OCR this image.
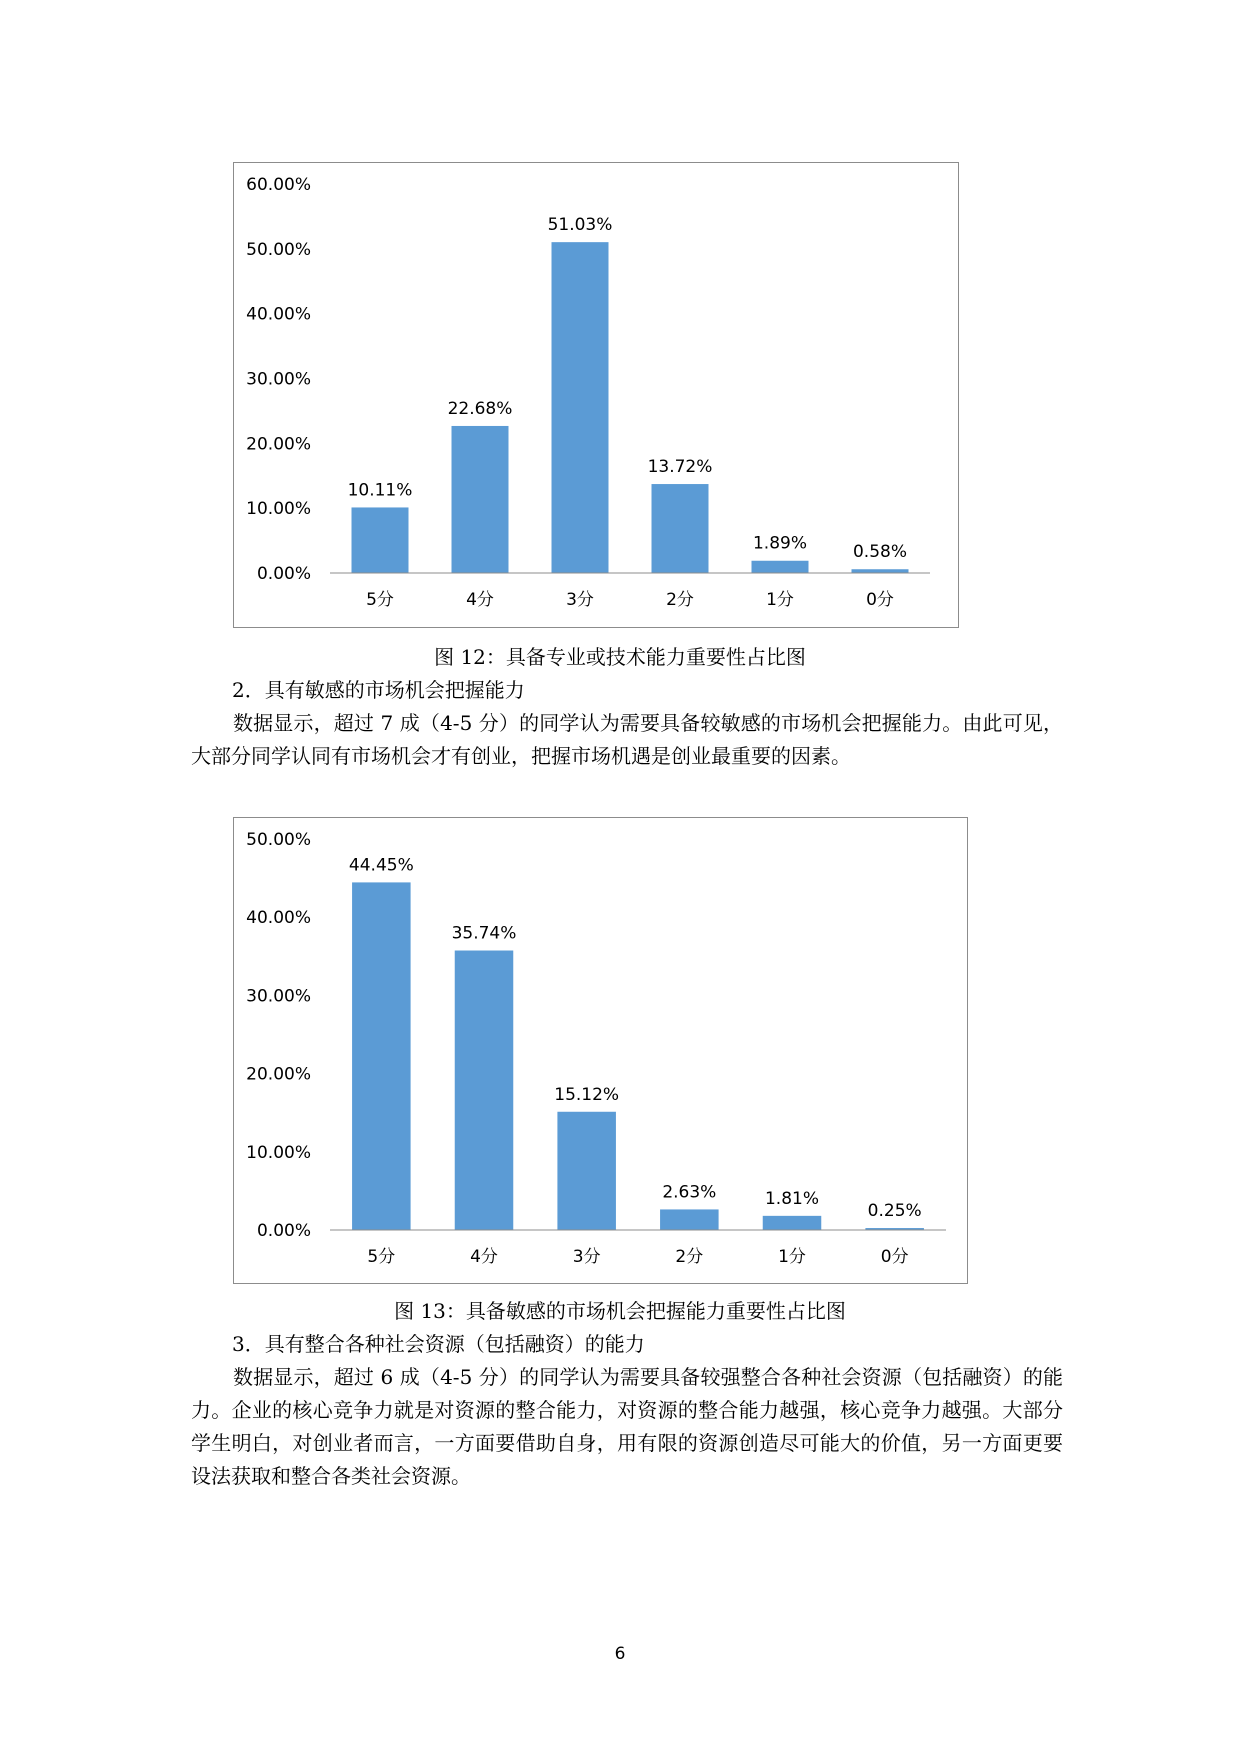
0.00%
10.00%
20.00%
30.00%
40.00%
50.00%
60.00%
10.11%
5分
22.68%
4分
51.03%
3分
13.72%
2分
1.89%
1分
0.58%
0分

图 12：具备专业或技术能力重要性占比图

2．具有敏感的市场机会把握能力

数据显示，超过 7 成（4-5 分）的同学认为需要具备较敏感的市场机会把握能力。由此可见，大部分同学认同有市场机会才有创业，把握市场机遇是创业最重要的因素。

0.00%
10.00%
20.00%
30.00%
40.00%
50.00%
44.45%
5分
35.74%
4分
15.12%
3分
2.63%
2分
1.81%
1分
0.25%
0分

图 13：具备敏感的市场机会把握能力重要性占比图

3．具有整合各种社会资源（包括融资）的能力

数据显示，超过 6 成（4-5 分）的同学认为需要具备较强整合各种社会资源（包括融资）的能力。企业的核心竞争力就是对资源的整合能力，对资源的整合能力越强，核心竞争力越强。大部分学生明白，对创业者而言，一方面要借助自身，用有限的资源创造尽可能大的价值，另一方面更要设法获取和整合各类社会资源。

6
